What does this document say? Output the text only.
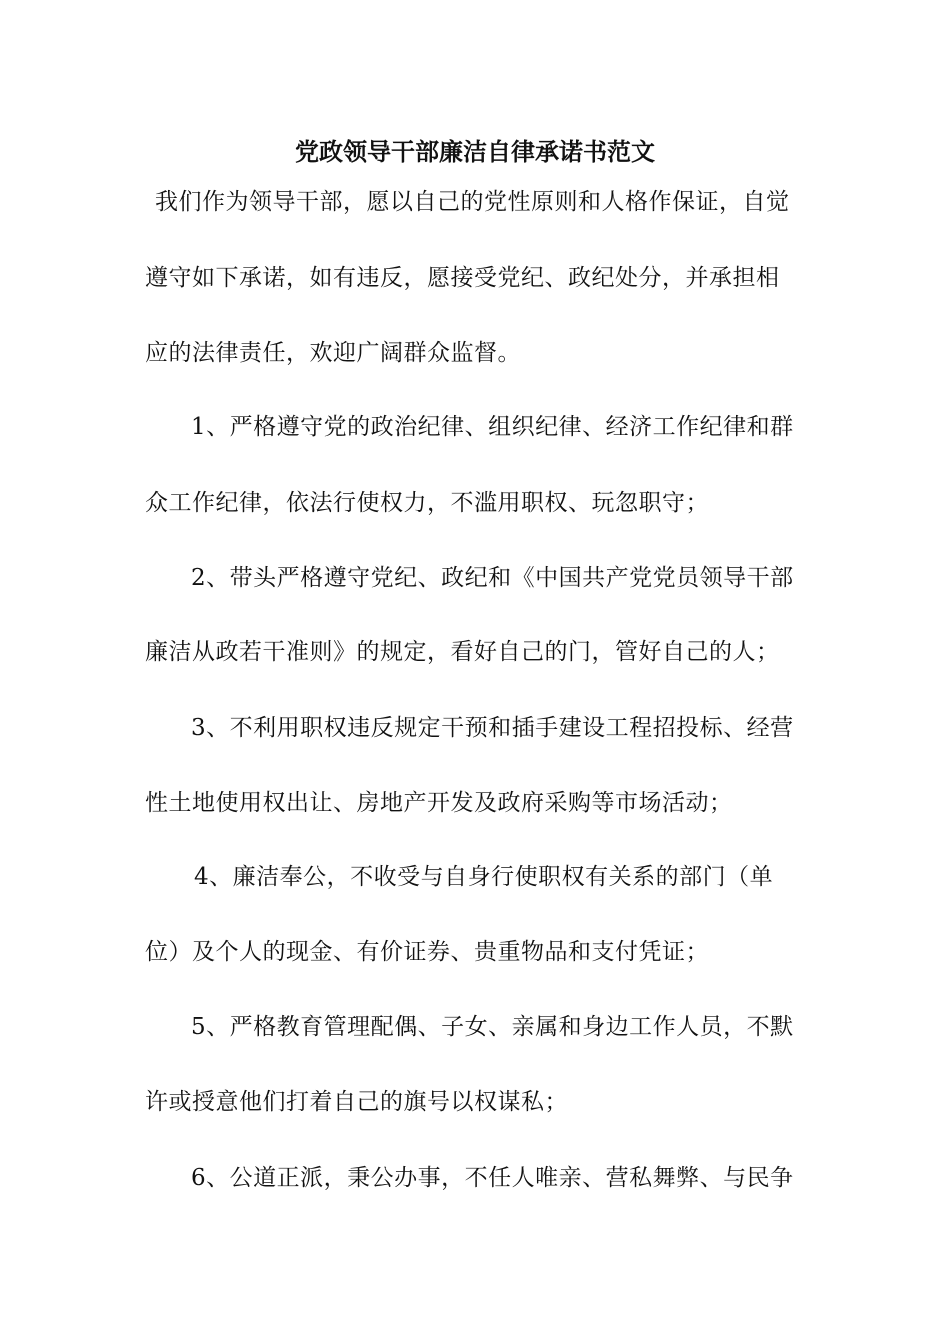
党政领导干部廉洁自律承诺书范文
我们作为领导干部，愿以自己的党性原则和人格作保证，自觉
遵守如下承诺，如有违反，愿接受党纪、政纪处分，并承担相
应的法律责任，欢迎广阔群众监督。
1、严格遵守党的政治纪律、组织纪律、经济工作纪律和群
众工作纪律，依法行使权力，不滥用职权、玩忽职守；
2、带头严格遵守党纪、政纪和《中国共产党党员领导干部
廉洁从政若干准则》的规定，看好自己的门，管好自己的人；
3、不利用职权违反规定干预和插手建设工程招投标、经营
性土地使用权出让、房地产开发及政府采购等市场活动；
4、廉洁奉公，不收受与自身行使职权有关系的部门（单
位）及个人的现金、有价证券、贵重物品和支付凭证；
5、严格教育管理配偶、子女、亲属和身边工作人员，不默
许或授意他们打着自己的旗号以权谋私；
6、公道正派，秉公办事，不任人唯亲、营私舞弊、与民争
